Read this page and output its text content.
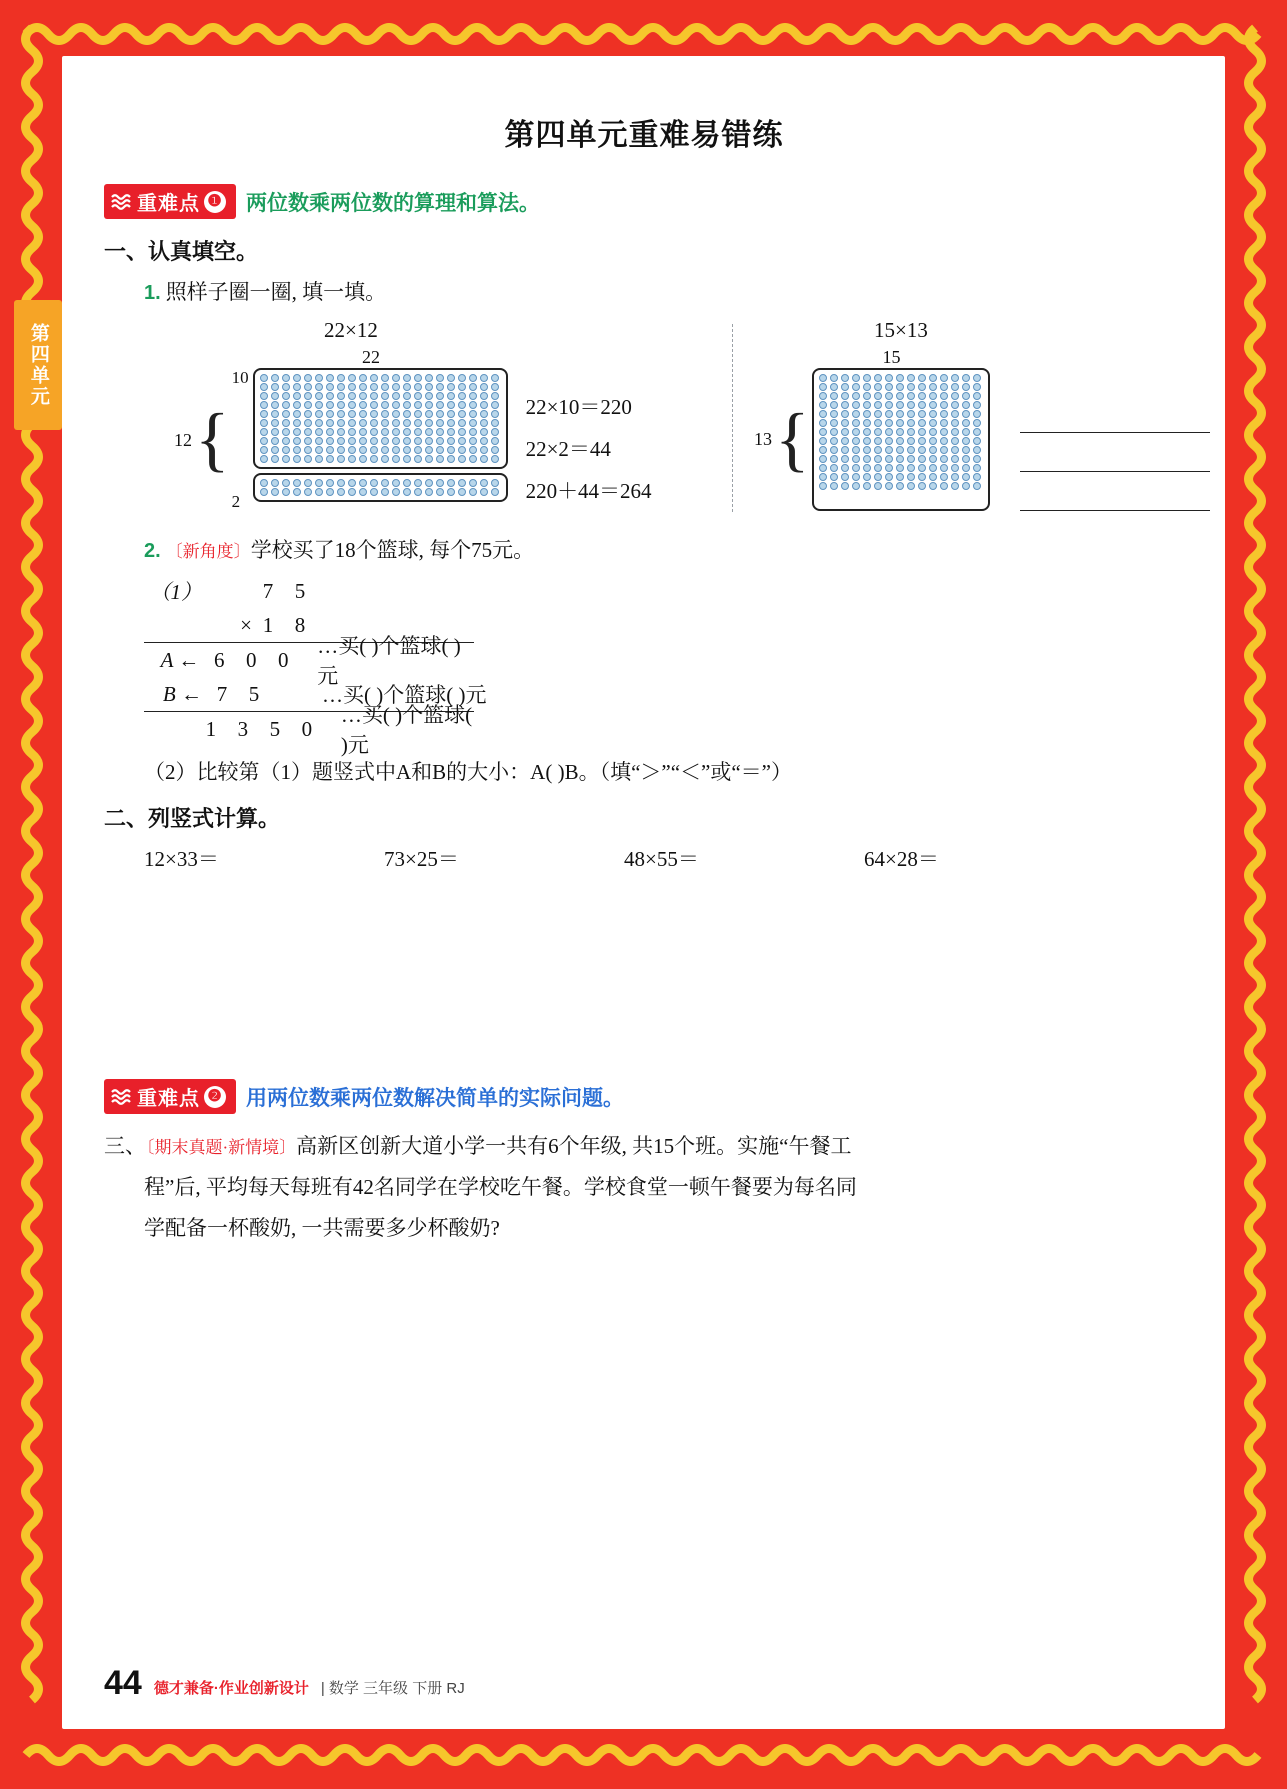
第四单元
第四单元重难易错练
重难点 ❶ 两位数乘两位数的算理和算法。
一、认真填空。
1. 照样子圈一圈, 填一填。
22×12
22
12 {
10
2
22×10＝220
22×2＝44
220＋44＝264
15×13
15
13 {
2. 〔新角度〕学校买了18个篮球, 每个75元。
（1）	7	5
× 1	8
A ← 6	0	0
…买( )个篮球( )元
B ← 7	5	…买( )个篮球( )元
1	3	5	0
…买( )个篮球( )元
（2）比较第（1）题竖式中A和B的大小：A( )B。（填“＞”“＜”或“＝”）
二、列竖式计算。
12×33＝	73×25＝	48×55＝	64×28＝
重难点 ❷ 用两位数乘两位数解决简单的实际问题。
三、〔期末真题·新情境〕高新区创新大道小学一共有6个年级, 共15个班。实施“午餐工
程”后, 平均每天每班有42名同学在学校吃午餐。学校食堂一顿午餐要为每名同
学配备一杯酸奶, 一共需要多少杯酸奶?
44 德才兼备·作业创新设计 | 数学 三年级 下册 RJ
